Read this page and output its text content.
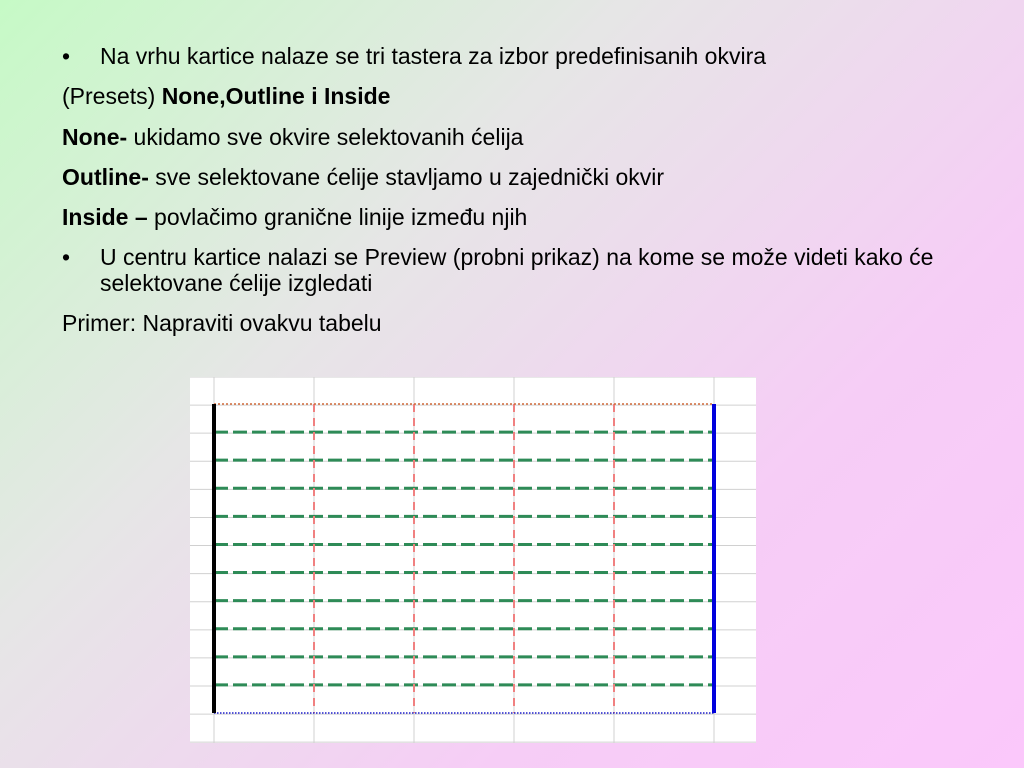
• Na vrhu kartice nalaze se tri tastera za izbor predefinisanih okvira
(Presets) None,Outline i Inside
None- ukidamo sve okvire selektovanih ćelija
Outline- sve selektovane ćelije stavljamo u zajednički okvir
Inside – povlačimo granične linije između njih
• U centru kartice nalazi se Preview (probni prikaz) na kome se može videti kako će selektovane ćelije izgledati
Primer: Napraviti ovakvu tabelu
